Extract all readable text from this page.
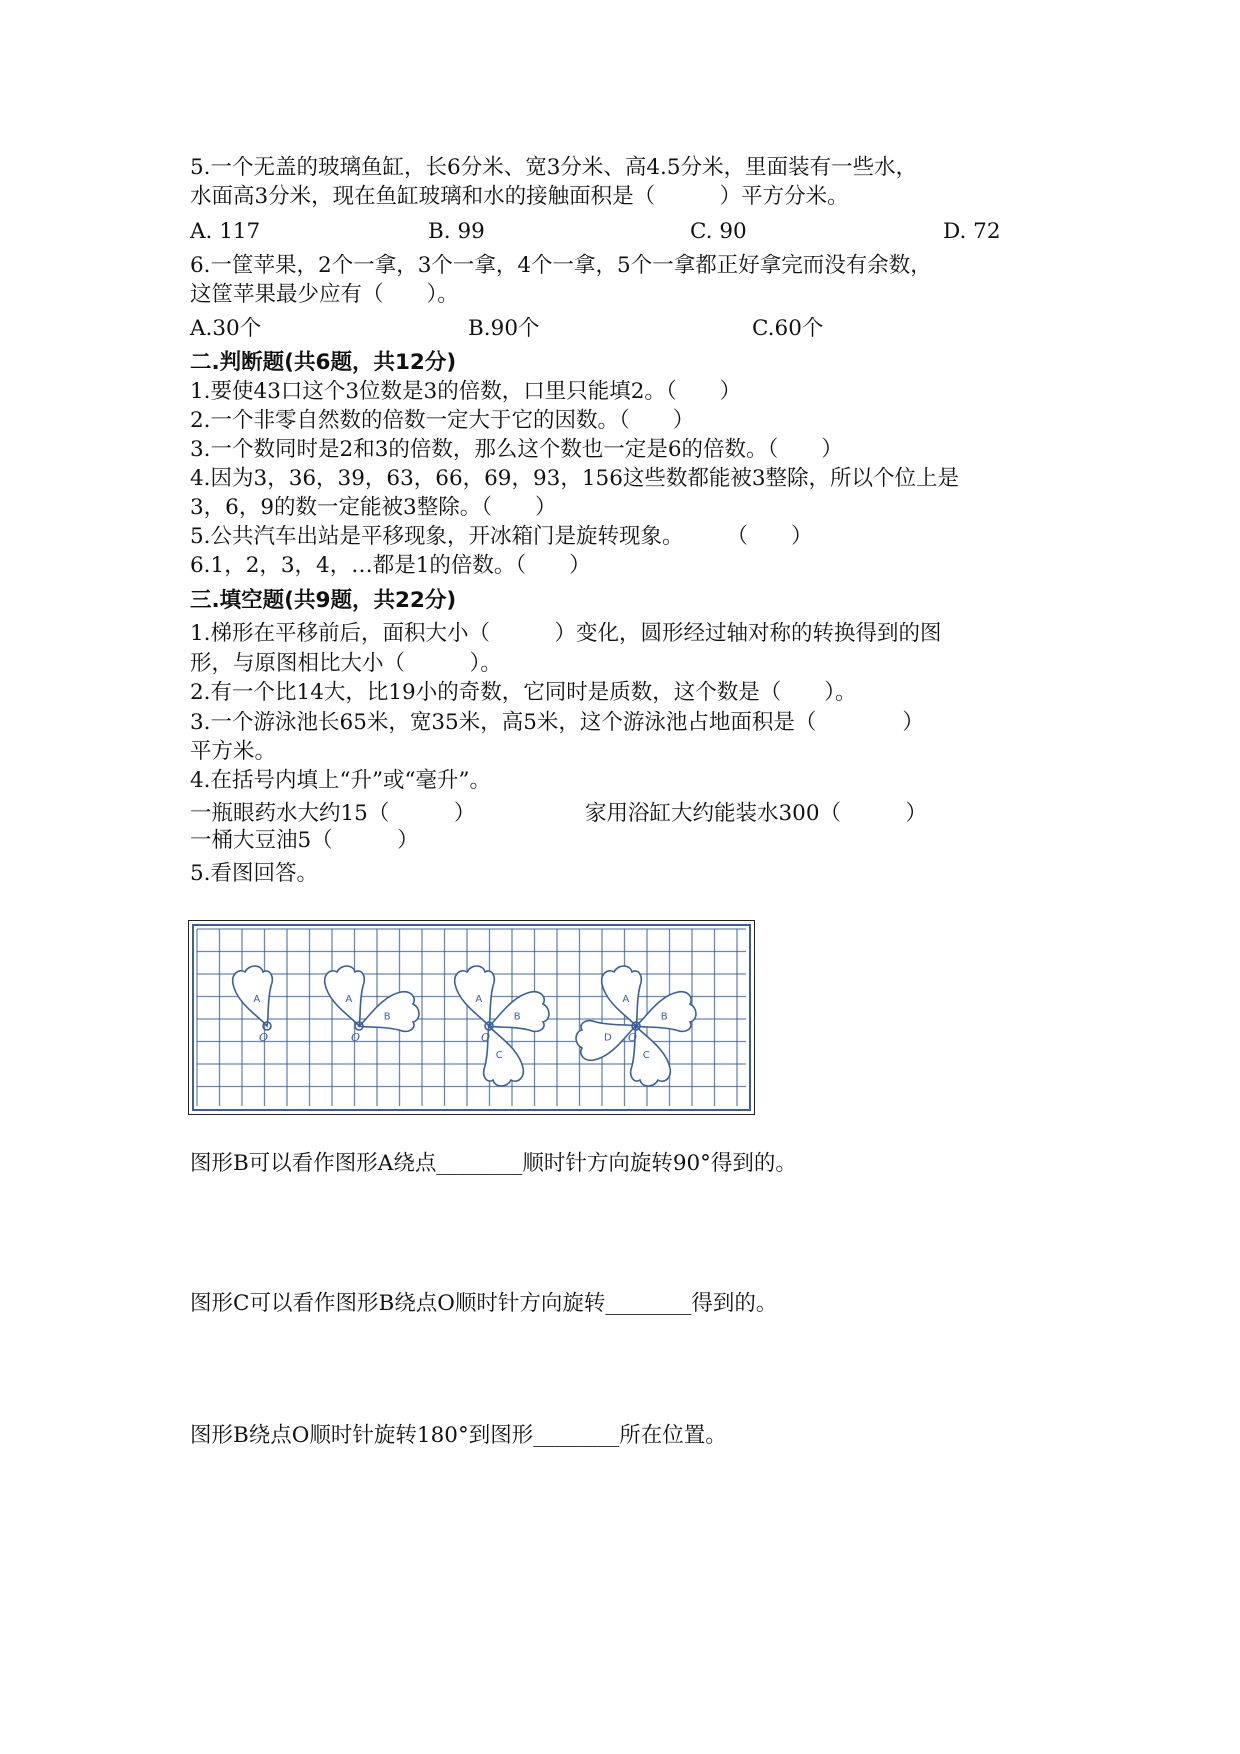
5.一个无盖的玻璃鱼缸，长6分米、宽3分米、高4.5分米，里面装有一些水，
水面高3分米，现在鱼缸玻璃和水的接触面积是（　　　）平方分米。
A. 117	B. 99	C. 90	D. 72
6.一筐苹果，2个一拿，3个一拿，4个一拿，5个一拿都正好拿完而没有余数，
这筐苹果最少应有（　　）。
A.30个	B.90个	C.60个
二.判断题(共6题，共12分)
1.要使43口这个3位数是3的倍数，口里只能填2。（　　）
2.一个非零自然数的倍数一定大于它的因数。（　　）
3.一个数同时是2和3的倍数，那么这个数也一定是6的倍数。（　　）
4.因为3，36，39，63，66，69，93，156这些数都能被3整除，所以个位上是
3，6，9的数一定能被3整除。（　　）
5.公共汽车出站是平移现象，开冰箱门是旋转现象。　　　（　　）
6.1，2，3，4，…都是1的倍数。（　　）
三.填空题(共9题，共22分)
1.梯形在平移前后，面积大小（　　　）变化，圆形经过轴对称的转换得到的图
形，与原图相比大小（　　　）。
2.有一个比14大，比19小的奇数，它同时是质数，这个数是（　　）。
3.一个游泳池长65米，宽35米，高5米，这个游泳池占地面积是（　　　　）
平方米。
4.在括号内填上“升”或“毫升”。
一瓶眼药水大约15（　　　）	家用浴缸大约能装水300（　　　）
一桶大豆油5（　　　）
5.看图回答。
A
O
A
B
O
A
B
C
O
A
B
C
D O
图形B可以看作图形A绕点________顺时针方向旋转90°得到的。
图形C可以看作图形B绕点O顺时针方向旋转________得到的。
图形B绕点O顺时针旋转180°到图形________所在位置。
